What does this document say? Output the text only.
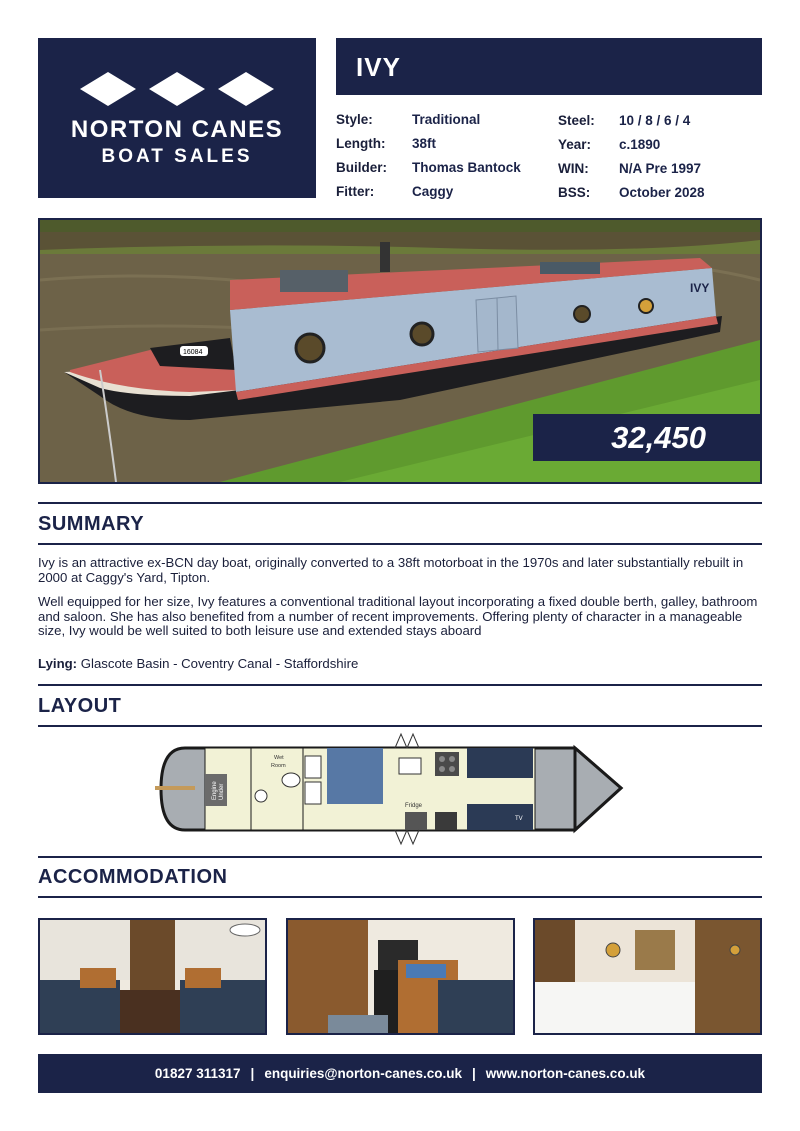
NORTON CANES
BOAT SALES
IVY
Style:	Traditional
Length: 38ft
Builder: Thomas Bantock
Fitter:	Caggy
Steel: 10 / 8 / 6 / 4
Year: c.1890
WIN: N/A Pre 1997
BSS: October 2028
IVY
16084
32,450
SUMMARY
Ivy is an attractive ex-BCN day boat, originally converted to a 38ft motorboat in the 1970s and later substantially rebuilt in 2000 at Caggy's Yard, Tipton.
Well equipped for her size, Ivy features a conventional traditional layout incorporating a fixed double berth, galley, bathroom and saloon. She has also benefited from a number of recent improvements. Offering plenty of character in a manageable size, Ivy would be well suited to both leisure use and extended stays aboard
Lying: Glascote Basin - Coventry Canal - Staffordshire
LAYOUT
Engine Under
Wet
Room
Fridge
TV
ACCOMMODATION
01827 311317 | enquiries@norton-canes.co.uk | www.norton-canes.co.uk
